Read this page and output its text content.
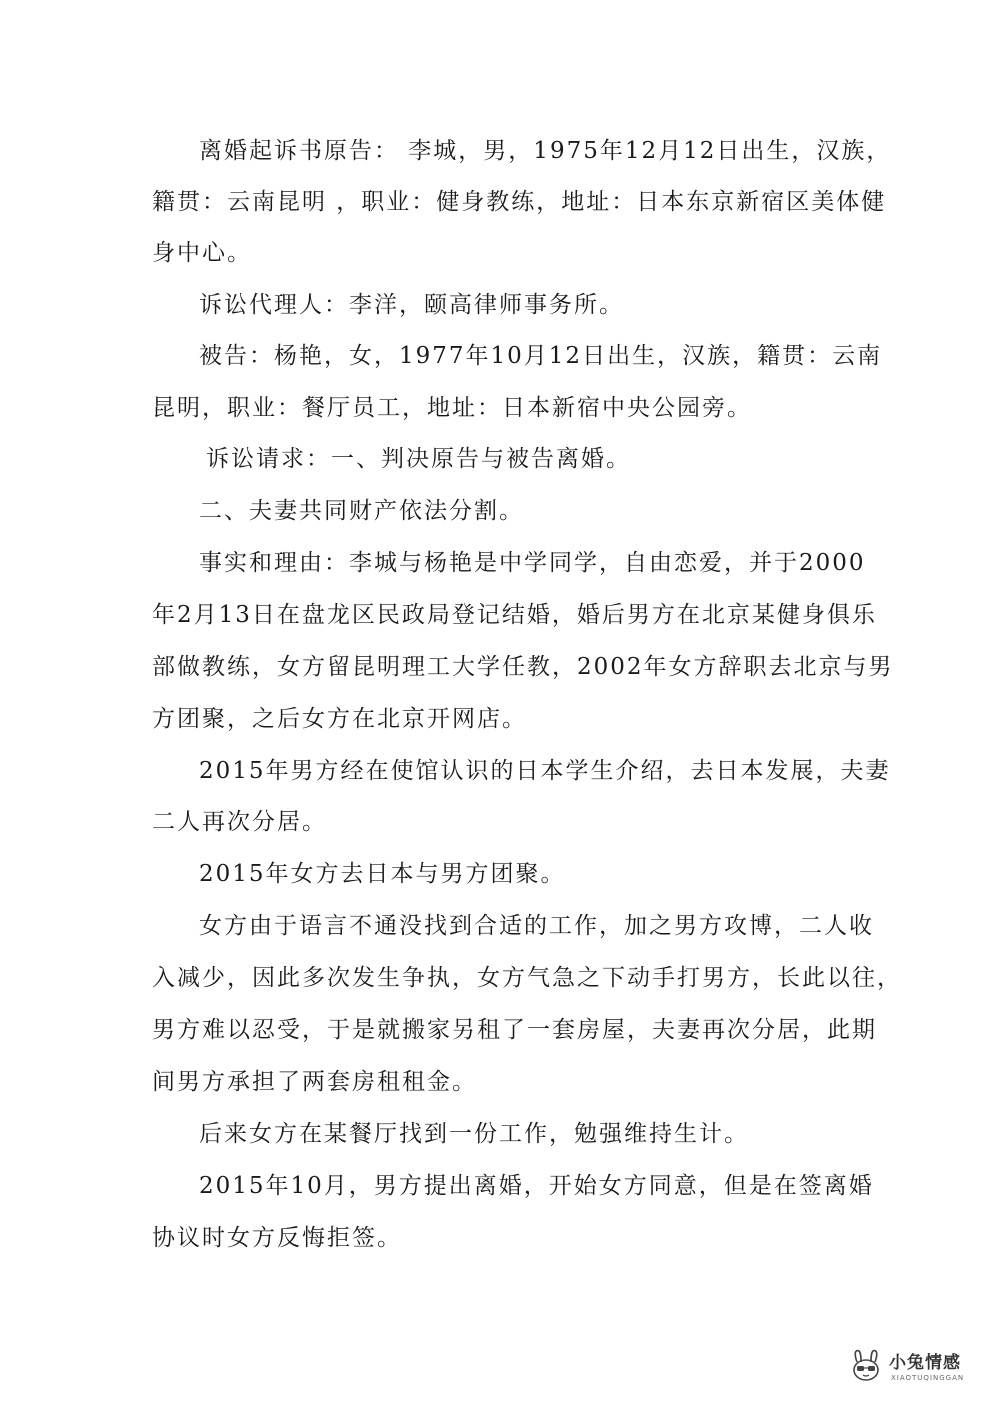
离婚起诉书原告： 李城，男，1975年12月12日出生，汉族，
籍贯：云南昆明 ，职业：健身教练，地址：日本东京新宿区美体健
身中心。
诉讼代理人：李洋，颐高律师事务所。
被告：杨艳，女，1977年10月12日出生，汉族，籍贯：云南
昆明，职业：餐厅员工，地址：日本新宿中央公园旁。
诉讼请求：一、判决原告与被告离婚。
二、夫妻共同财产依法分割。
事实和理由：李城与杨艳是中学同学，自由恋爱，并于2000
年2月13日在盘龙区民政局登记结婚，婚后男方在北京某健身俱乐
部做教练，女方留昆明理工大学任教，2002年女方辞职去北京与男
方团聚，之后女方在北京开网店。
2015年男方经在使馆认识的日本学生介绍，去日本发展，夫妻
二人再次分居。
2015年女方去日本与男方团聚。
女方由于语言不通没找到合适的工作，加之男方攻博，二人收
入减少，因此多次发生争执，女方气急之下动手打男方，长此以往，
男方难以忍受，于是就搬家另租了一套房屋，夫妻再次分居，此期
间男方承担了两套房租租金。
后来女方在某餐厅找到一份工作，勉强维持生计。
2015年10月，男方提出离婚，开始女方同意，但是在签离婚
协议时女方反悔拒签。
小兔情感
XIAOTUQINGGAN
